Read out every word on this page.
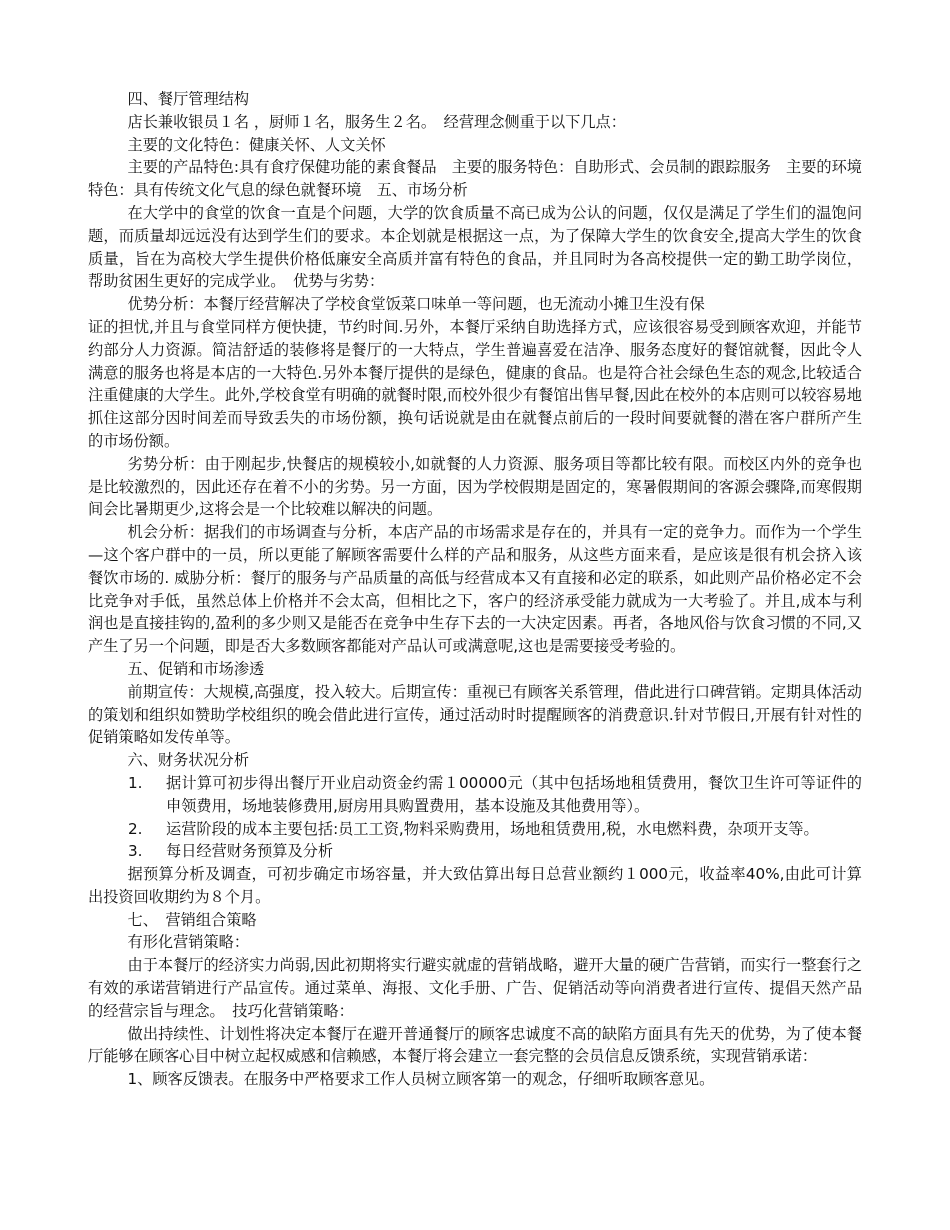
四、餐厅管理结构

店长兼收银员１名 ，厨师１名，服务生２名。　经营理念侧重于以下几点：

主要的文化特色：健康关怀、人文关怀

主要的产品特色:具有食疗保健功能的素食餐品　主要的服务特色：自助形式、会员制的跟踪服务　主要的环境特色：具有传统文化气息的绿色就餐环境　五、市场分析

在大学中的食堂的饮食一直是个问题，大学的饮食质量不高已成为公认的问题，仅仅是满足了学生们的温饱问题，而质量却远远没有达到学生们的要求。本企划就是根据这一点，为了保障大学生的饮食安全,提高大学生的饮食质量，旨在为高校大学生提供价格低廉安全高质并富有特色的食品，并且同时为各高校提供一定的勤工助学岗位，帮助贫困生更好的完成学业。　优势与劣势：

优势分析：本餐厅经营解决了学校食堂饭菜口味单一等问题，也无流动小摊卫生没有保

证的担忧,并且与食堂同样方便快捷，节约时间.另外，本餐厅采纳自助选择方式，应该很容易受到顾客欢迎，并能节约部分人力资源。简洁舒适的装修将是餐厅的一大特点，学生普遍喜爱在洁净、服务态度好的餐馆就餐，因此令人满意的服务也将是本店的一大特色.另外本餐厅提供的是绿色，健康的食品。也是符合社会绿色生态的观念,比较适合注重健康的大学生。此外,学校食堂有明确的就餐时限,而校外很少有餐馆出售早餐,因此在校外的本店则可以较容易地抓住这部分因时间差而导致丢失的市场份额，换句话说就是由在就餐点前后的一段时间要就餐的潜在客户群所产生的市场份额。

劣势分析：由于刚起步,快餐店的规模较小,如就餐的人力资源、服务项目等都比较有限。而校区内外的竞争也是比较激烈的，因此还存在着不小的劣势。另一方面，因为学校假期是固定的，寒暑假期间的客源会骤降,而寒假期间会比暑期更少,这将会是一个比较难以解决的问题。

机会分析：据我们的市场调查与分析，本店产品的市场需求是存在的，并具有一定的竞争力。而作为一个学生—这个客户群中的一员，所以更能了解顾客需要什么样的产品和服务，从这些方面来看，是应该是很有机会挤入该餐饮市场的. 威胁分析：餐厅的服务与产品质量的高低与经营成本又有直接和必定的联系，如此则产品价格必定不会比竞争对手低，虽然总体上价格并不会太高，但相比之下，客户的经济承受能力就成为一大考验了。并且,成本与利润也是直接挂钩的,盈利的多少则又是能否在竞争中生存下去的一大决定因素。再者，各地风俗与饮食习惯的不同,又产生了另一个问题，即是否大多数顾客都能对产品认可或满意呢,这也是需要接受考验的。

五、促销和市场渗透

前期宣传：大规模,高强度，投入较大。后期宣传：重视已有顾客关系管理，借此进行口碑营销。定期具体活动的策划和组织如赞助学校组织的晚会借此进行宣传，通过活动时时提醒顾客的消费意识.针对节假日,开展有针对性的促销策略如发传单等。

六、财务状况分析

1. 据计算可初步得出餐厅开业启动资金约需１00000元（其中包括场地租赁费用，餐饮卫生许可等证件的申领费用，场地装修费用,厨房用具购置费用，基本设施及其他费用等）。
2. 运营阶段的成本主要包括:员工工资,物料采购费用，场地租赁费用,税，水电燃料费，杂项开支等。
3. 每日经营财务预算及分析

据预算分析及调查，可初步确定市场容量，并大致估算出每日总营业额约１000元，收益率40%,由此可计算出投资回收期约为８个月。

七、　营销组合策略

有形化营销策略：

由于本餐厅的经济实力尚弱,因此初期将实行避实就虚的营销战略，避开大量的硬广告营销，而实行一整套行之有效的承诺营销进行产品宣传。通过菜单、海报、文化手册、广告、促销活动等向消费者进行宣传、提倡天然产品的经营宗旨与理念。　技巧化营销策略：

做出持续性、计划性将决定本餐厅在避开普通餐厅的顾客忠诚度不高的缺陷方面具有先天的优势，为了使本餐厅能够在顾客心目中树立起权威感和信赖感，本餐厅将会建立一套完整的会员信息反馈系统，实现营销承诺：

1、顾客反馈表。在服务中严格要求工作人员树立顾客第一的观念，仔细听取顾客意见。
